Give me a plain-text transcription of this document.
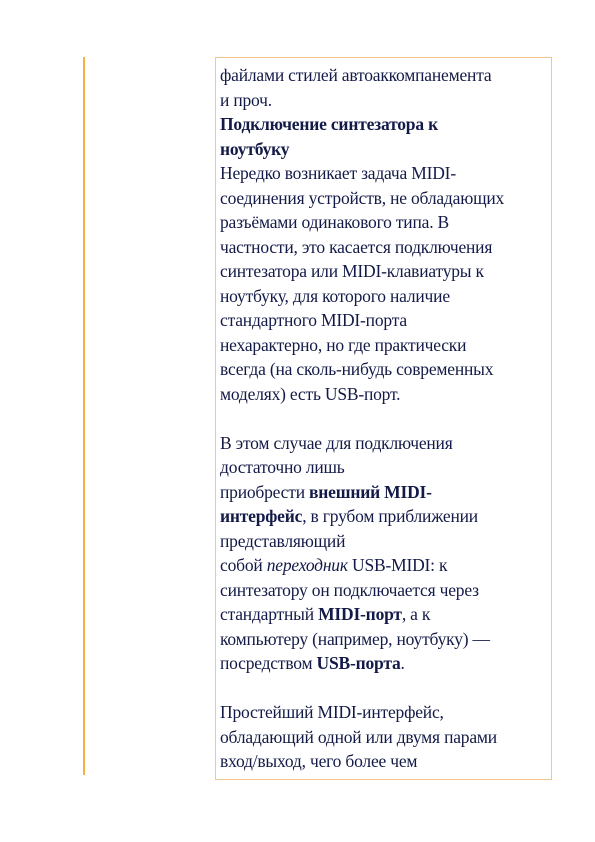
файлами стилей автоаккомпанемента
и проч.
Подключение синтезатора к
ноутбуку
Нередко возникает задача MIDI-
соединения устройств, не обладающих
разъёмами одинакового типа. В
частности, это касается подключения
синтезатора или MIDI-клавиатуры к
ноутбуку, для которого наличие
стандартного MIDI-порта
нехарактерно, но где практически
всегда (на сколь-нибудь современных
моделях) есть USB-порт.
В этом случае для подключения
достаточно лишь
приобрести внешний MIDI-
интерфейс, в грубом приближении
представляющий
собой переходник USB-MIDI: к
синтезатору он подключается через
стандартный MIDI-порт, а к
компьютеру (например, ноутбуку) —
посредством USB-порта.
Простейший MIDI-интерфейс,
обладающий одной или двумя парами
вход/выход, чего более чем
